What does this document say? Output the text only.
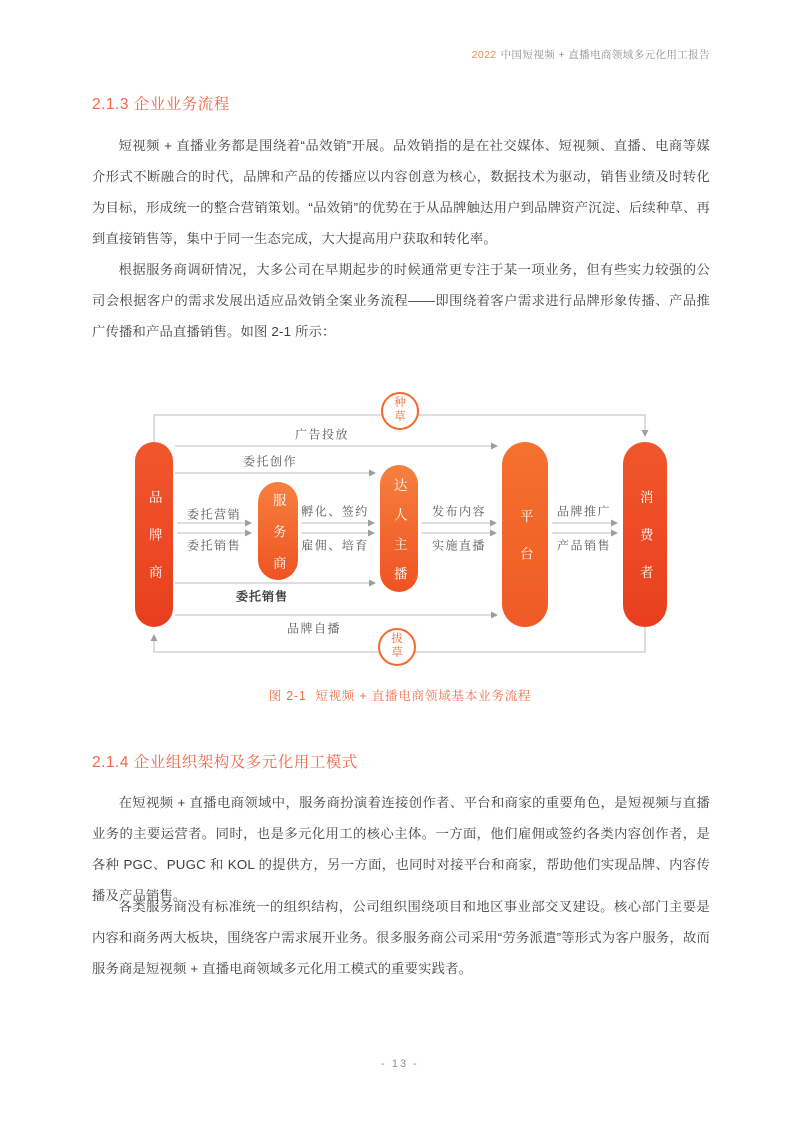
2022 中国短视频 + 直播电商领域多元化用工报告
2.1.3 企业业务流程

短视频 + 直播业务都是围绕着“品效销”开展。品效销指的是在社交媒体、短视频、直播、电商等媒介形式不断融合的时代，品牌和产品的传播应以内容创意为核心，数据技术为驱动，销售业绩及时转化为目标，形成统一的整合营销策划。“品效销”的优势在于从品牌触达用户到品牌资产沉淀、后续种草、再到直接销售等，集中于同一生态完成，大大提高用户获取和转化率。

根据服务商调研情况，大多公司在早期起步的时候通常更专注于某一项业务，但有些实力较强的公司会根据客户的需求发展出适应品效销全案业务流程——即围绕着客户需求进行品牌形象传播、产品推广传播和产品直播销售。如图 2-1 所示：

品牌商	服务商	达人主播	平台	消费者
种草
拔草
广告投放
委托创作
委托营销
委托销售
孵化、签约
雇佣、培育
发布内容
实施直播
品牌推广
产品销售
委托销售
品牌自播
图 2-1  短视频 + 直播电商领域基本业务流程
2.1.4 企业组织架构及多元化用工模式

在短视频 + 直播电商领域中，服务商扮演着连接创作者、平台和商家的重要角色，是短视频与直播业务的主要运营者。同时，也是多元化用工的核心主体。一方面，他们雇佣或签约各类内容创作者，是各种 PGC、PUGC 和 KOL 的提供方，另一方面，也同时对接平台和商家，帮助他们实现品牌、内容传播及产品销售。

各类服务商没有标准统一的组织结构，公司组织围绕项目和地区事业部交叉建设。核心部门主要是内容和商务两大板块，围绕客户需求展开业务。很多服务商公司采用“劳务派遣”等形式为客户服务，故而服务商是短视频 + 直播电商领域多元化用工模式的重要实践者。

- 13 -
